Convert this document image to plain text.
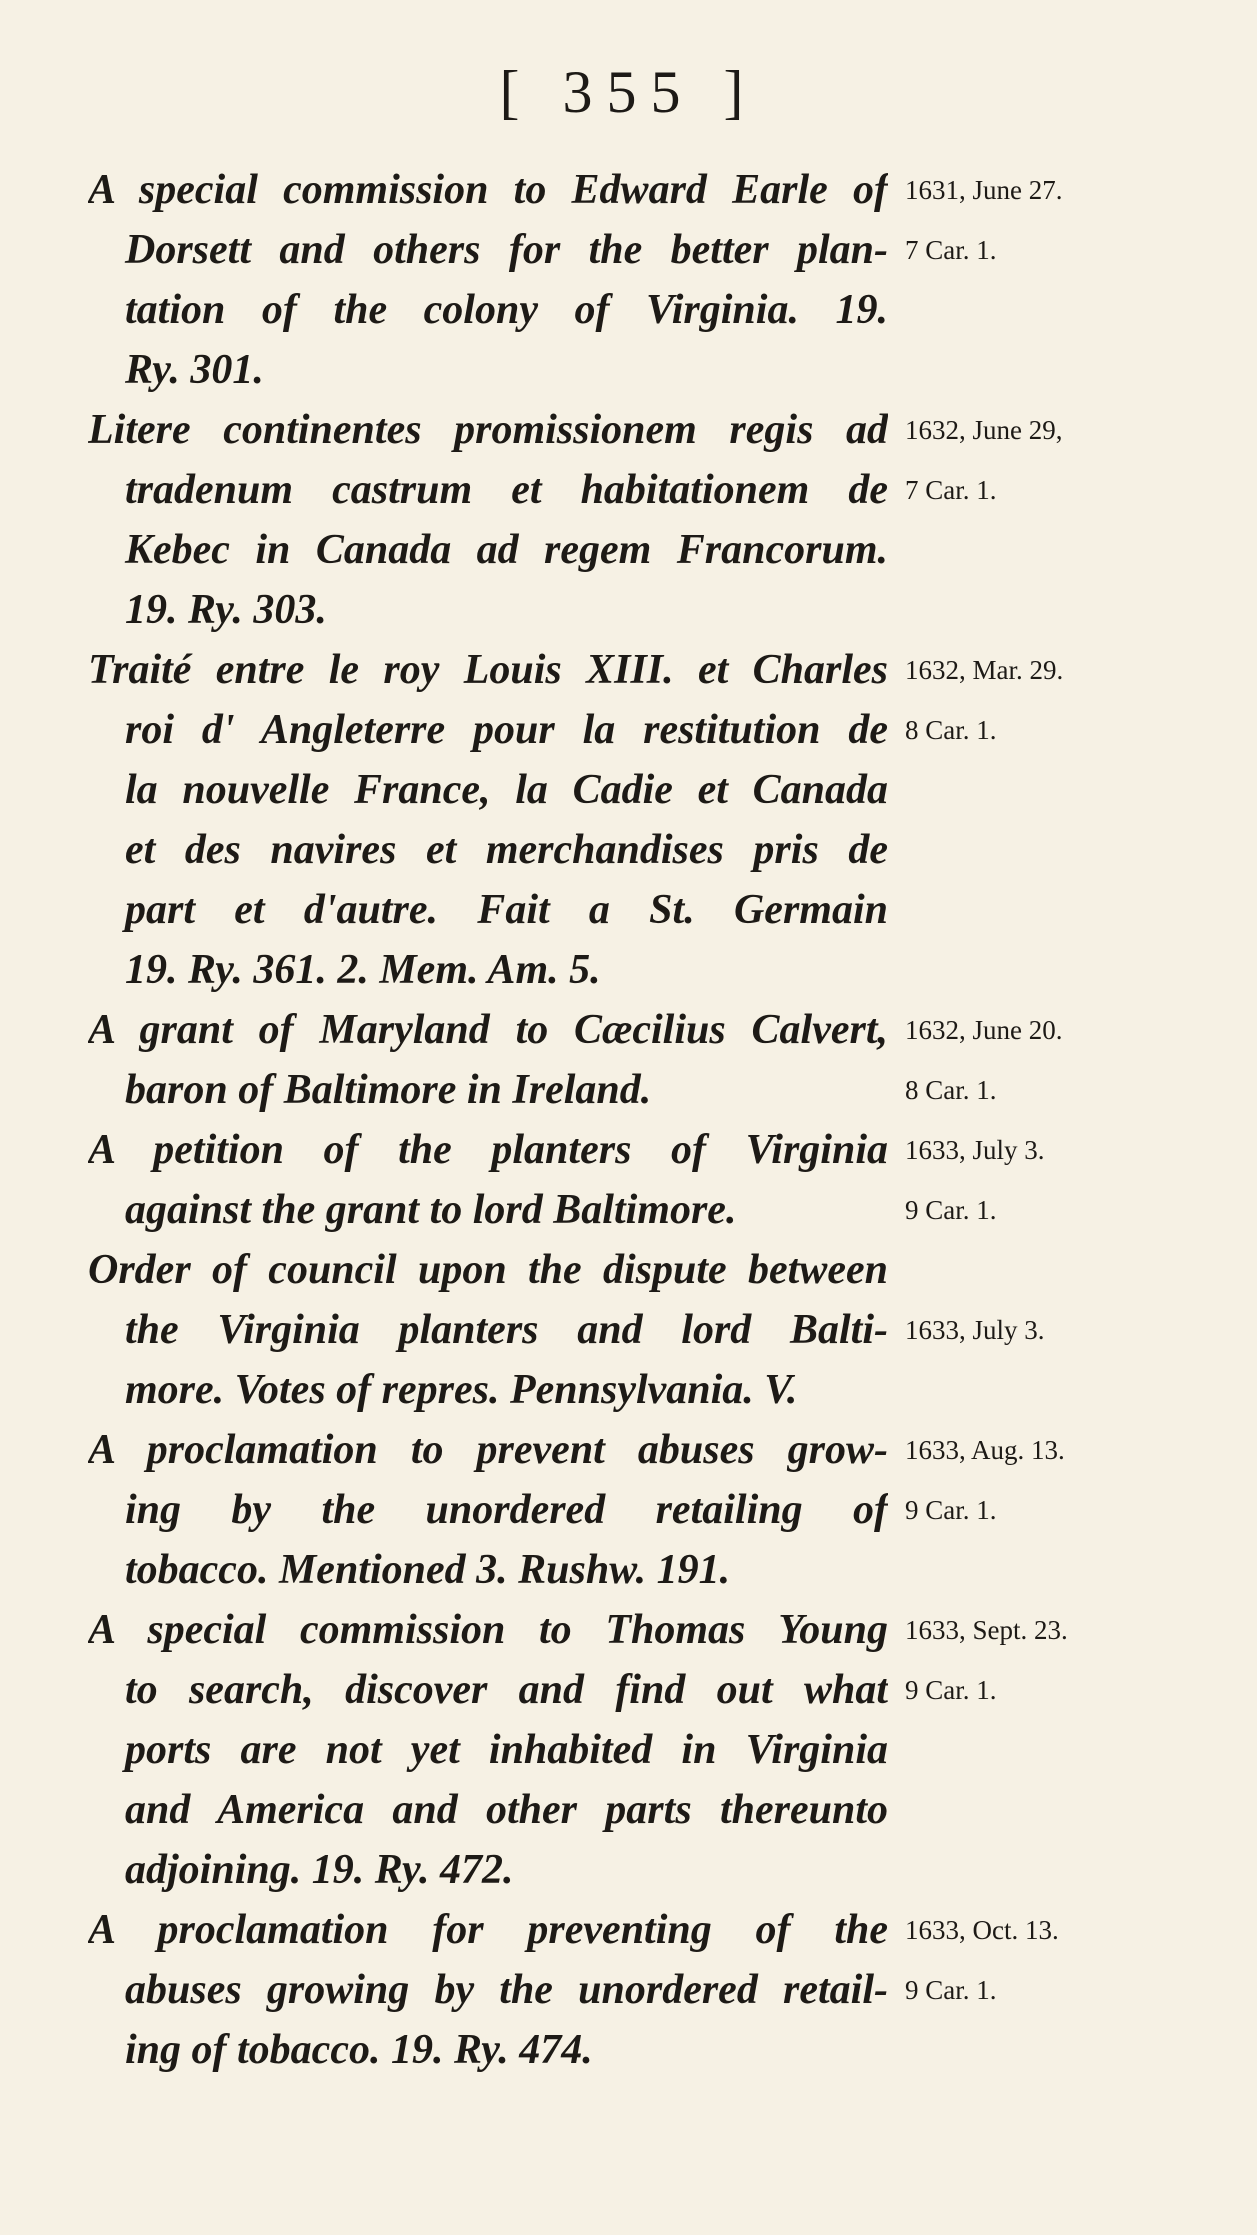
[ 355 ]
A special commission to Edward Earle of
Dorsett and others for the better plan-
tation of the colony of Virginia. 19.
Ry. 301.
1631, June 27.
7 Car. 1.
Litere continentes promissionem regis ad
tradenum castrum et habitationem de
Kebec in Canada ad regem Francorum.
19. Ry. 303.
1632, June 29,
7 Car. 1.
Traité entre le roy Louis XIII. et Charles
roi d' Angleterre pour la restitution de
la nouvelle France, la Cadie et Canada
et des navires et merchandises pris de
part et d'autre. Fait a St. Germain
19. Ry. 361. 2. Mem. Am. 5.
1632, Mar. 29.
8 Car. 1.
A grant of Maryland to Cæcilius Calvert,
baron of Baltimore in Ireland.
1632, June 20.
8 Car. 1.
A petition of the planters of Virginia
against the grant to lord Baltimore.
1633, July 3.
9 Car. 1.
Order of council upon the dispute between
the Virginia planters and lord Balti-
more. Votes of repres. Pennsylvania. V.
1633, July 3.
A proclamation to prevent abuses grow-
ing by the unordered retailing of
tobacco. Mentioned 3. Rushw. 191.
1633, Aug. 13.
9 Car. 1.
A special commission to Thomas Young
to search, discover and find out what
ports are not yet inhabited in Virginia
and America and other parts thereunto
adjoining. 19. Ry. 472.
1633, Sept. 23.
9 Car. 1.
A proclamation for preventing of the
abuses growing by the unordered retail-
ing of tobacco. 19. Ry. 474.
1633, Oct. 13.
9 Car. 1.
